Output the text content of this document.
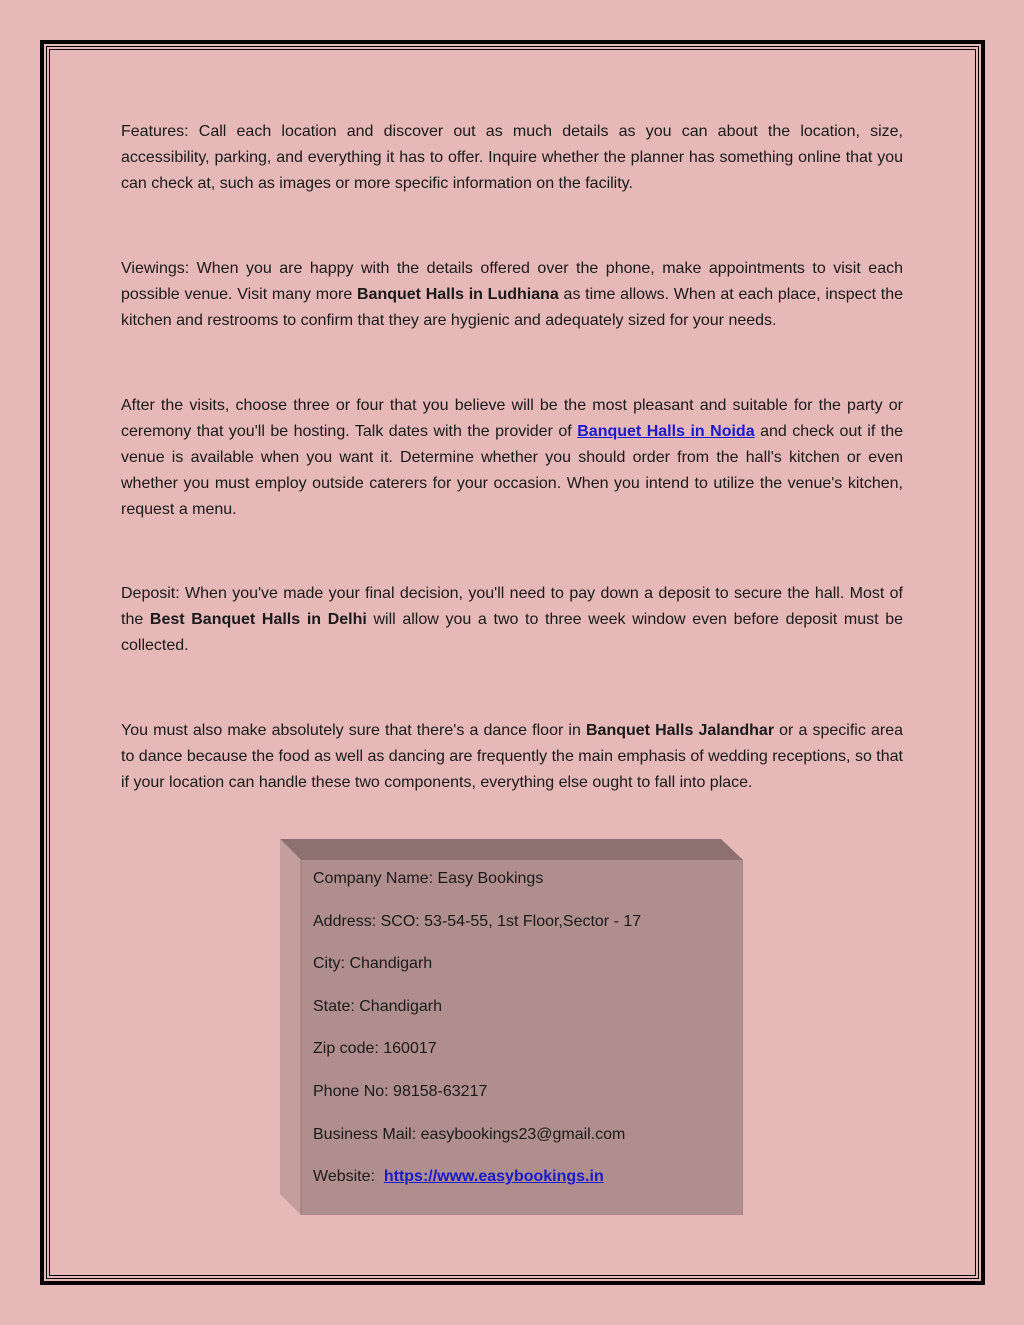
Features: Call each location and discover out as much details as you can about the location, size, accessibility, parking, and everything it has to offer. Inquire whether the planner has something online that you can check at, such as images or more specific information on the facility.

Viewings: When you are happy with the details offered over the phone, make appointments to visit each possible venue. Visit many more Banquet Halls in Ludhiana as time allows. When at each place, inspect the kitchen and restrooms to confirm that they are hygienic and adequately sized for your needs.

After the visits, choose three or four that you believe will be the most pleasant and suitable for the party or ceremony that you'll be hosting. Talk dates with the provider of Banquet Halls in Noida and check out if the venue is available when you want it. Determine whether you should order from the hall's kitchen or even whether you must employ outside caterers for your occasion. When you intend to utilize the venue's kitchen, request a menu.

Deposit: When you've made your final decision, you'll need to pay down a deposit to secure the hall. Most of the Best Banquet Halls in Delhi will allow you a two to three week window even before deposit must be collected.

You must also make absolutely sure that there's a dance floor in Banquet Halls Jalandhar or a specific area to dance because the food as well as dancing are frequently the main emphasis of wedding receptions, so that if your location can handle these two components, everything else ought to fall into place.

Company Name: Easy Bookings
Address: SCO: 53-54-55, 1st Floor,Sector - 17
City: Chandigarh
State: Chandigarh
Zip code: 160017
Phone No: 98158-63217
Business Mail: easybookings23@gmail.com
Website:  https://www.easybookings.in
